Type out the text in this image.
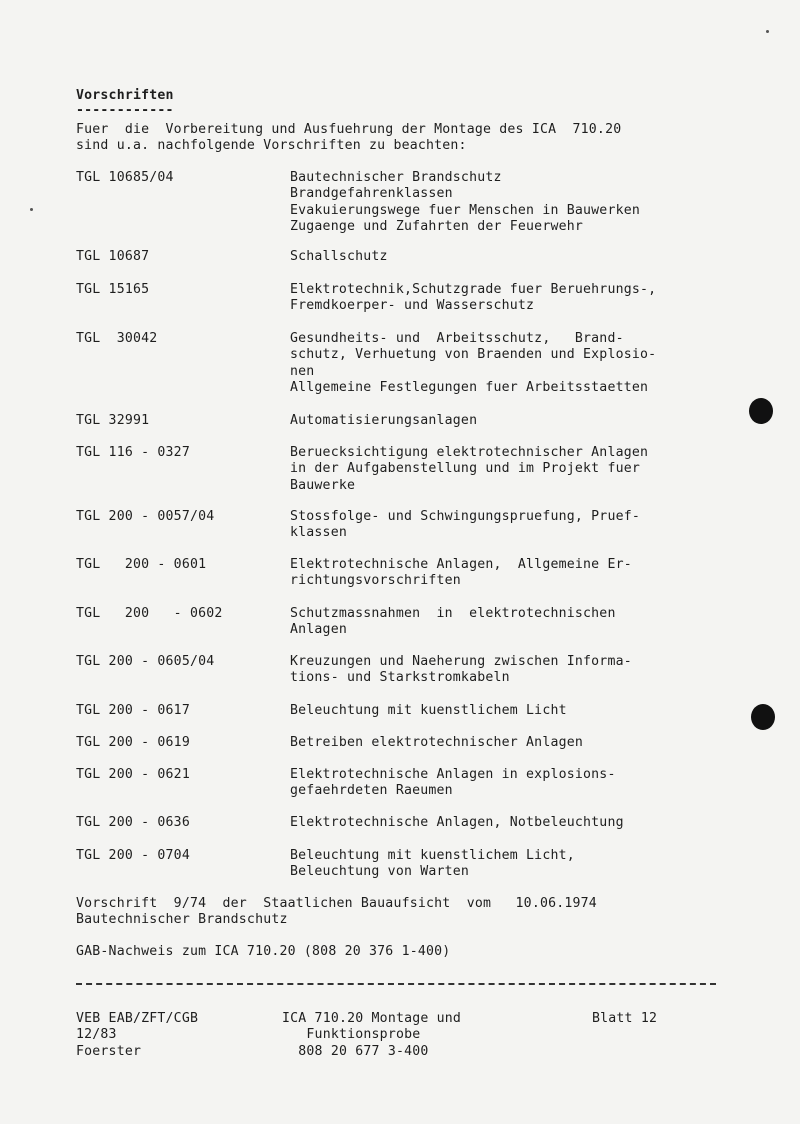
Vorschriften
------------
Fuer  die  Vorbereitung und Ausfuehrung der Montage des ICA  710.20
sind u.a. nachfolgende Vorschriften zu beachten:
TGL 10685/04	Bautechnischer Brandschutz
Brandgefahrenklassen
Evakuierungswege fuer Menschen in Bauwerken
Zugaenge und Zufahrten der Feuerwehr
TGL 10687	Schallschutz
TGL 15165	Elektrotechnik,Schutzgrade fuer Beruehrungs-,
Fremdkoerper- und Wasserschutz
TGL  30042	Gesundheits- und  Arbeitsschutz,   Brand-
schutz, Verhuetung von Braenden und Explosio-
nen
Allgemeine Festlegungen fuer Arbeitsstaetten
TGL 32991	Automatisierungsanlagen
TGL 116 - 0327	Beruecksichtigung elektrotechnischer Anlagen
in der Aufgabenstellung und im Projekt fuer
Bauwerke
TGL 200 - 0057/04	Stossfolge- und Schwingungspruefung, Pruef-
klassen
TGL   200 - 0601	Elektrotechnische Anlagen,  Allgemeine Er-
richtungsvorschriften
TGL   200   - 0602	Schutzmassnahmen  in  elektrotechnischen
Anlagen
TGL 200 - 0605/04	Kreuzungen und Naeherung zwischen Informa-
tions- und Starkstromkabeln
TGL 200 - 0617	Beleuchtung mit kuenstlichem Licht
TGL 200 - 0619	Betreiben elektrotechnischer Anlagen
TGL 200 - 0621	Elektrotechnische Anlagen in explosions-
gefaehrdeten Raeumen
TGL 200 - 0636	Elektrotechnische Anlagen, Notbeleuchtung
TGL 200 - 0704	Beleuchtung mit kuenstlichem Licht,
Beleuchtung von Warten
Vorschrift  9/74  der  Staatlichen Bauaufsicht  vom   10.06.1974
Bautechnischer Brandschutz
GAB-Nachweis zum ICA 710.20 (808 20 376 1-400)
VEB EAB/ZFT/CGB
12/83
Foerster
ICA 710.20 Montage und
Funktionsprobe
808 20 677 3-400
Blatt 12
